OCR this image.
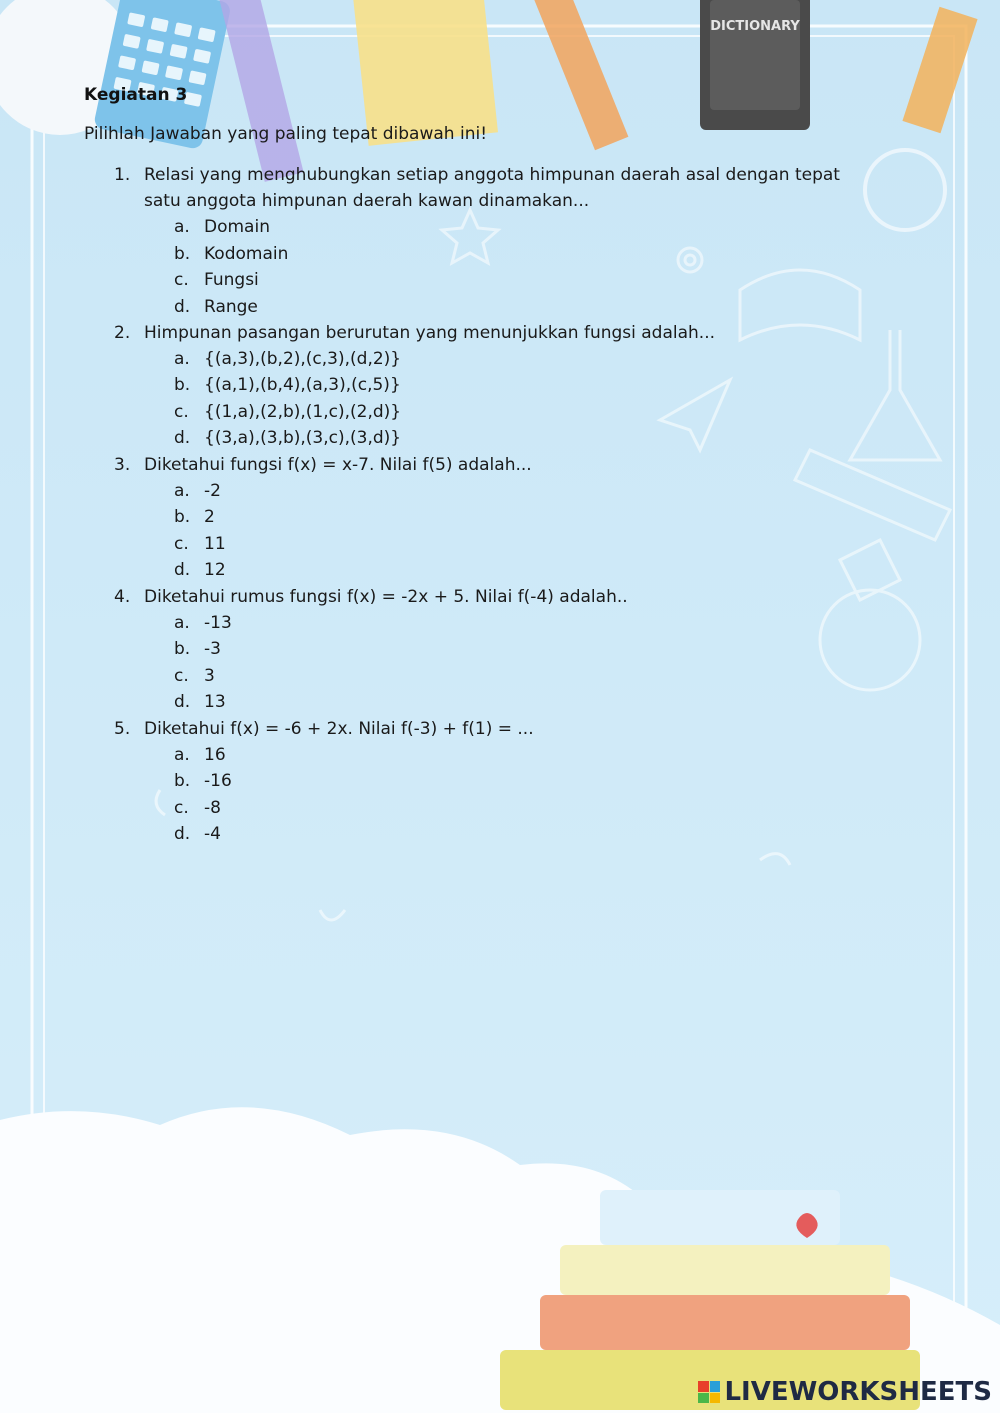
DICTIONARY
Kegiatan 3
Pilihlah Jawaban yang paling tepat dibawah ini!
1. Relasi yang menghubungkan setiap anggota himpunan daerah asal dengan tepat
satu anggota himpunan daerah kawan dinamakan...
a. Domain
b. Kodomain
c. Fungsi
d. Range
2. Himpunan pasangan berurutan yang menunjukkan fungsi adalah...
a. {(a,3),(b,2),(c,3),(d,2)}
b. {(a,1),(b,4),(a,3),(c,5)}
c. {(1,a),(2,b),(1,c),(2,d)}
d. {(3,a),(3,b),(3,c),(3,d)}
3. Diketahui fungsi f(x) = x-7. Nilai f(5) adalah...
a. -2
b. 2
c. 11
d. 12
4. Diketahui rumus fungsi f(x) = -2x + 5. Nilai f(-4) adalah..
a. -13
b. -3
c. 3
d. 13
5. Diketahui f(x) = -6 + 2x. Nilai f(-3) + f(1) = ...
a. 16
b. -16
c. -8
d. -4
LIVEWORKSHEETS
